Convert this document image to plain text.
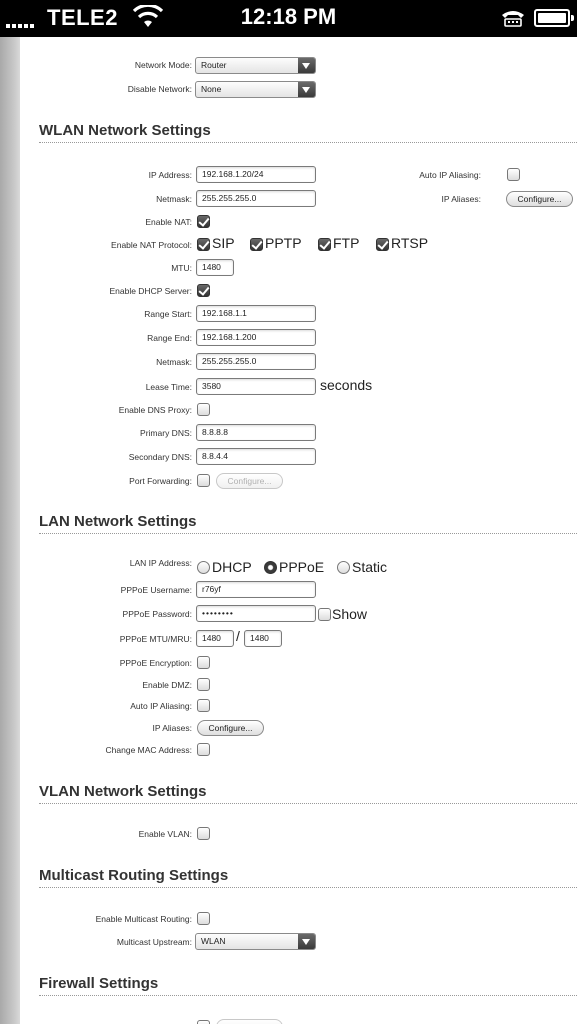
TELE2	12:18 PM
Network Mode:	Router
Disable Network:	None
WLAN Network Settings
IP Address:	192.168.1.20/24	Auto IP Aliasing:
Netmask:	255.255.255.0	IP Aliases:	Configure...
Enable NAT:
Enable NAT Protocol: SIP PPTP FTP RTSP
MTU:	1480
Enable DHCP Server:
Range Start:	192.168.1.1
Range End:	192.168.1.200
Netmask:	255.255.255.0
Lease Time:	3580	seconds
Enable DNS Proxy:
Primary DNS:	8.8.8.8
Secondary DNS:	8.8.4.4
Port Forwarding:	Configure...
LAN Network Settings
LAN IP Address: DHCP PPPoE Static
PPPoE Username:	r76yf
PPPoE Password:	••••••••	Show
PPPoE MTU/MRU:	1480	/	1480
PPPoE Encryption:
Enable DMZ:
Auto IP Aliasing:
IP Aliases:	Configure...
Change MAC Address:
VLAN Network Settings
Enable VLAN:
Multicast Routing Settings
Enable Multicast Routing:
Multicast Upstream:	WLAN
Firewall Settings
